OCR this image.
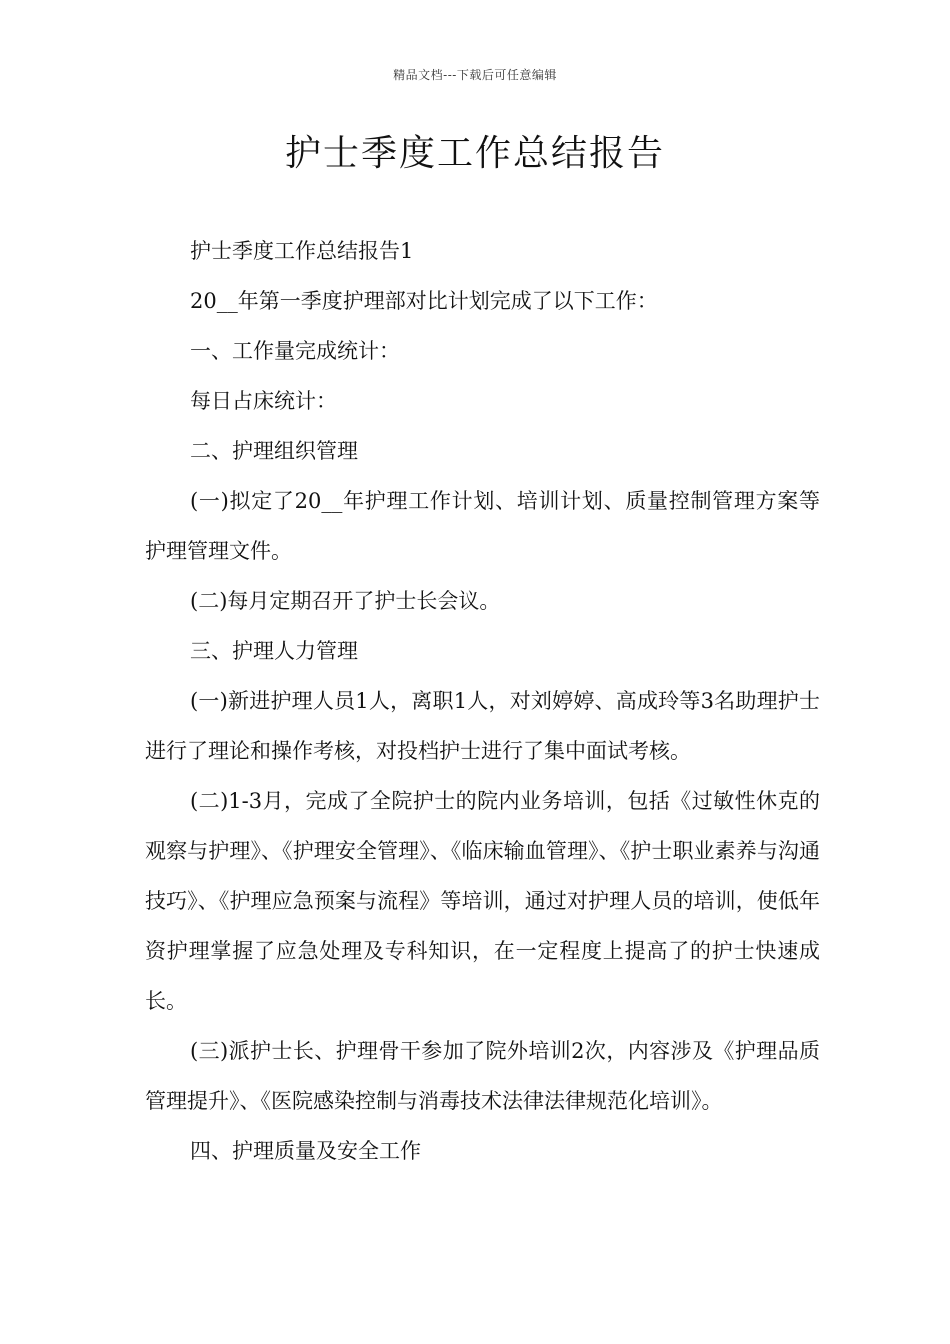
精品文档---下载后可任意编辑
护士季度工作总结报告

护士季度工作总结报告1

20__年第一季度护理部对比计划完成了以下工作：

一、工作量完成统计：

每日占床统计：

二、护理组织管理

(一)拟定了20__年护理工作计划、培训计划、质量控制管理方案等护理管理文件。

(二)每月定期召开了护士长会议。

三、护理人力管理

(一)新进护理人员1人，离职1人，对刘婷婷、高成玲等3名助理护士进行了理论和操作考核，对投档护士进行了集中面试考核。

(二)1-3月，完成了全院护士的院内业务培训，包括《过敏性休克的观察与护理》、《护理安全管理》、《临床输血管理》、《护士职业素养与沟通技巧》、《护理应急预案与流程》等培训，通过对护理人员的培训，使低年资护理掌握了应急处理及专科知识，在一定程度上提高了的护士快速成长。

(三)派护士长、护理骨干参加了院外培训2次，内容涉及《护理品质管理提升》、《医院感染控制与消毒技术法律法律规范化培训》。

四、护理质量及安全工作
